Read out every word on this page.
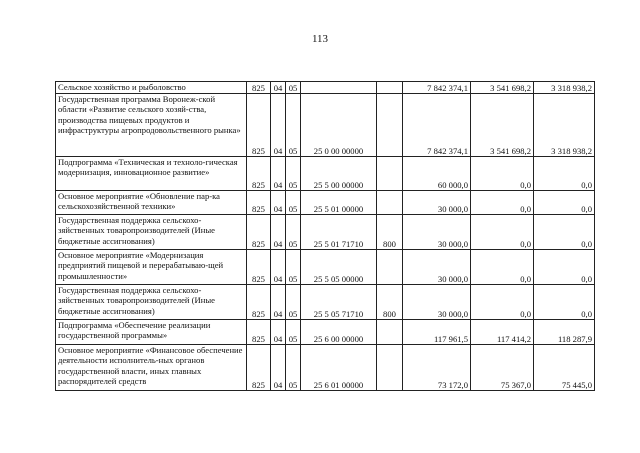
113
Сельское хозяйство и рыболовство	825	04	05			7 842 374,1	3 541 698,2	3 318 938,2
Государственная программа Воронеж-ской области «Развитие сельского хозяй-ства, производства пищевых продуктов и инфраструктуры агропродовольственного рынка»	825	04	05	25 0 00 00000		7 842 374,1	3 541 698,2	3 318 938,2
Подпрограмма «Техническая и техноло-гическая модернизация, инновационное развитие»	825	04	05	25 5 00 00000		60 000,0	0,0	0,0
Основное мероприятие «Обновление пар-ка сельскохозяйственной техники»	825	04	05	25 5 01 00000		30 000,0	0,0	0,0
Государственная поддержка сельскохо-зяйственных товаропроизводителей (Иные бюджетные ассигнования)	825	04	05	25 5 01 71710	800	30 000,0	0,0	0,0
Основное мероприятие «Модернизация предприятий пищевой и перерабатываю-щей промышленности»	825	04	05	25 5 05 00000		30 000,0	0,0	0,0
Государственная поддержка сельскохо-зяйственных товаропроизводителей (Иные бюджетные ассигнования)	825	04	05	25 5 05 71710	800	30 000,0	0,0	0,0
Подпрограмма «Обеспечение реализации государственной программы»	825	04	05	25 6 00 00000		117 961,5	117 414,2	118 287,9
Основное мероприятие «Финансовое обеспечение деятельности исполнитель-ных органов государственной власти, иных главных распорядителей средств	825	04	05	25 6 01 00000		73 172,0	75 367,0	75 445,0
